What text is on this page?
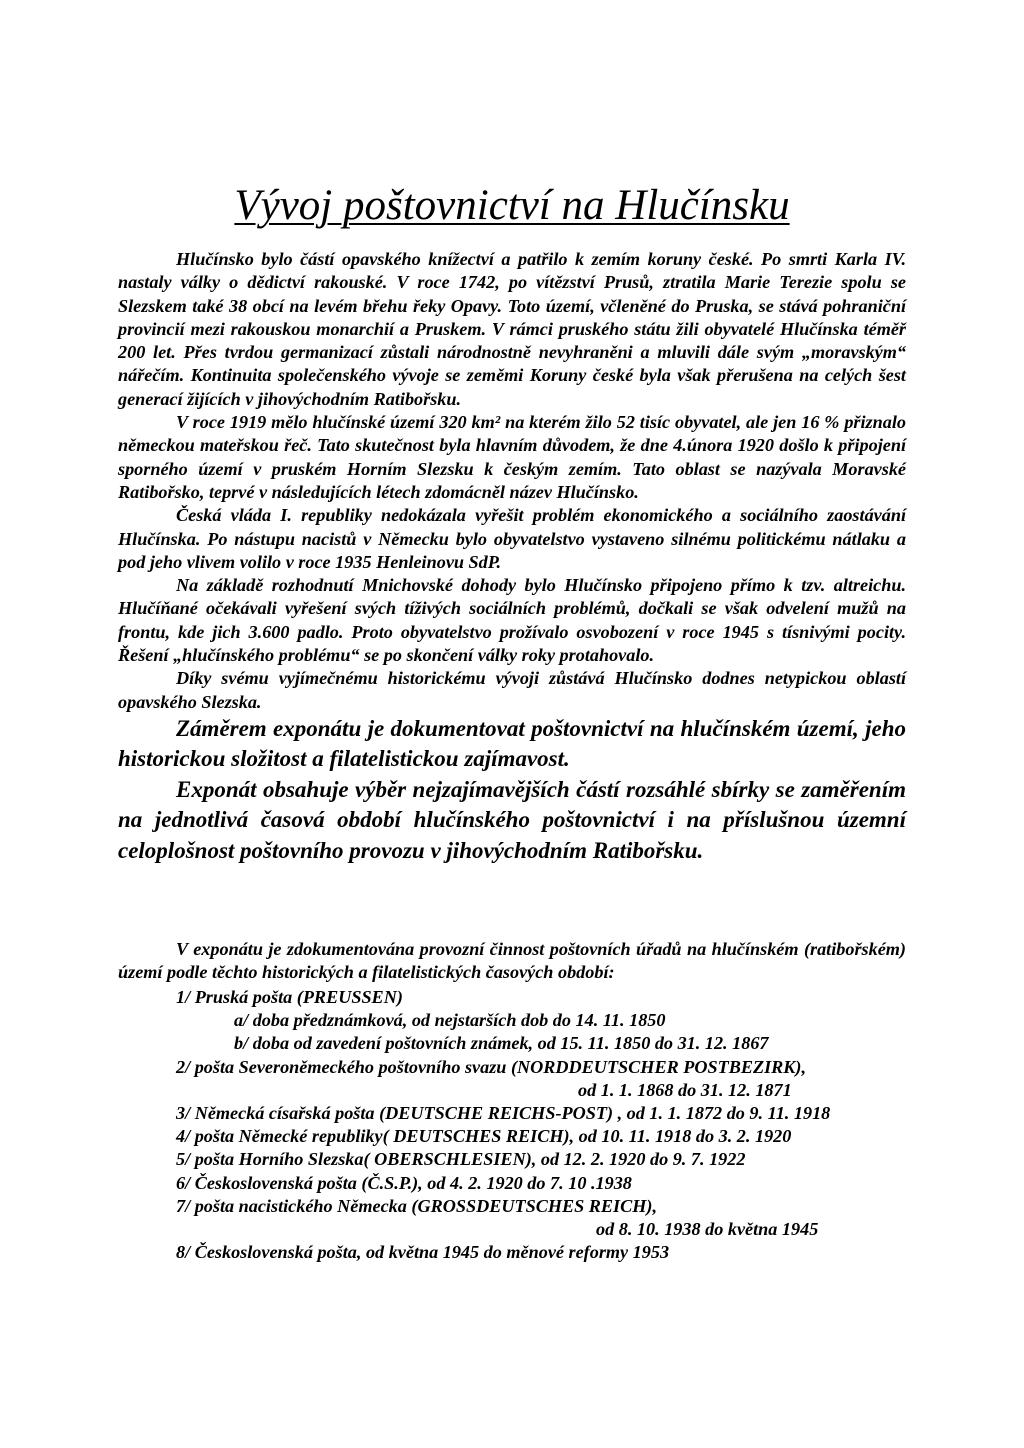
Vývoj poštovnictví na Hlučínsku

Hlučínsko bylo částí opavského knížectví a patřilo k zemím koruny české. Po smrti Karla IV. nastaly války o dědictví rakouské. V roce 1742, po vítězství Prusů, ztratila Marie Terezie spolu se Slezskem také 38 obcí na levém břehu řeky Opavy. Toto území, včleněné do Pruska, se stává pohraniční provincií mezi rakouskou monarchií a Pruskem. V rámci pruského státu žili obyvatelé Hlučínska téměř 200 let. Přes tvrdou germanizací zůstali národnostně nevyhraněni a mluvili dále svým „moravským“ nářečím. Kontinuita společenského vývoje se zeměmi Koruny české byla však přerušena na celých šest generací žijících v jihovýchodním Ratibořsku.

V roce 1919 mělo hlučínské území 320 km² na kterém žilo 52 tisíc obyvatel, ale jen 16 % přiznalo německou mateřskou řeč. Tato skutečnost byla hlavním důvodem, že dne 4.února 1920 došlo k připojení sporného území v pruském Horním Slezsku k českým zemím. Tato oblast se nazývala Moravské Ratibořsko, teprvé v následujících létech zdomácněl název Hlučínsko.

Česká vláda I. republiky nedokázala vyřešit problém ekonomického a sociálního zaostávání Hlučínska. Po nástupu nacistů v Německu bylo obyvatelstvo vystaveno silnému politickému nátlaku a pod jeho vlivem volilo v roce 1935 Henleinovu SdP.

Na základě rozhodnutí Mnichovské dohody bylo Hlučínsko připojeno přímo k tzv. altreichu. Hlučíňané očekávali vyřešení svých tíživých sociálních problémů, dočkali se však odvelení mužů na frontu, kde jich 3.600 padlo. Proto obyvatelstvo prožívalo osvobození v roce 1945 s tísnivými pocity. Řešení „hlučínského problému“ se po skončení války roky protahovalo.

Díky svému vyjímečnému historickému vývoji zůstává Hlučínsko dodnes netypickou oblastí opavského Slezska.

Záměrem exponátu je dokumentovat poštovnictví na hlučínském území, jeho historickou složitost a filatelistickou zajímavost.

Exponát obsahuje výběr nejzajímavějších částí rozsáhlé sbírky se zaměřením na jednotlivá časová období hlučínského poštovnictví i na příslušnou územní celoplošnost poštovního provozu v jihovýchodním Ratibořsku.

V exponátu je zdokumentována provozní činnost poštovních úřadů na hlučínském (ratibořském) území podle těchto historických a filatelistických časových období:

1/ Pruská pošta (PREUSSEN)

a/ doba předznámková, od nejstarších dob do 14. 11. 1850

b/ doba od zavedení poštovních známek, od 15. 11. 1850 do 31. 12. 1867

2/ pošta Severoněmeckého poštovního svazu (NORDDEUTSCHER POSTBEZIRK),

od 1. 1. 1868 do 31. 12. 1871

3/ Německá císařská pošta (DEUTSCHE REICHS-POST) , od 1. 1. 1872 do 9. 11. 1918

4/ pošta Německé republiky( DEUTSCHES REICH), od 10. 11. 1918 do 3. 2. 1920

5/ pošta Horního Slezska( OBERSCHLESIEN), od 12. 2. 1920 do 9. 7. 1922

6/ Československá pošta (Č.S.P.), od 4. 2. 1920 do 7. 10 .1938

7/ pošta nacistického Německa (GROSSDEUTSCHES REICH),

od 8. 10. 1938 do května 1945

8/ Československá pošta, od května 1945 do měnové reformy 1953
